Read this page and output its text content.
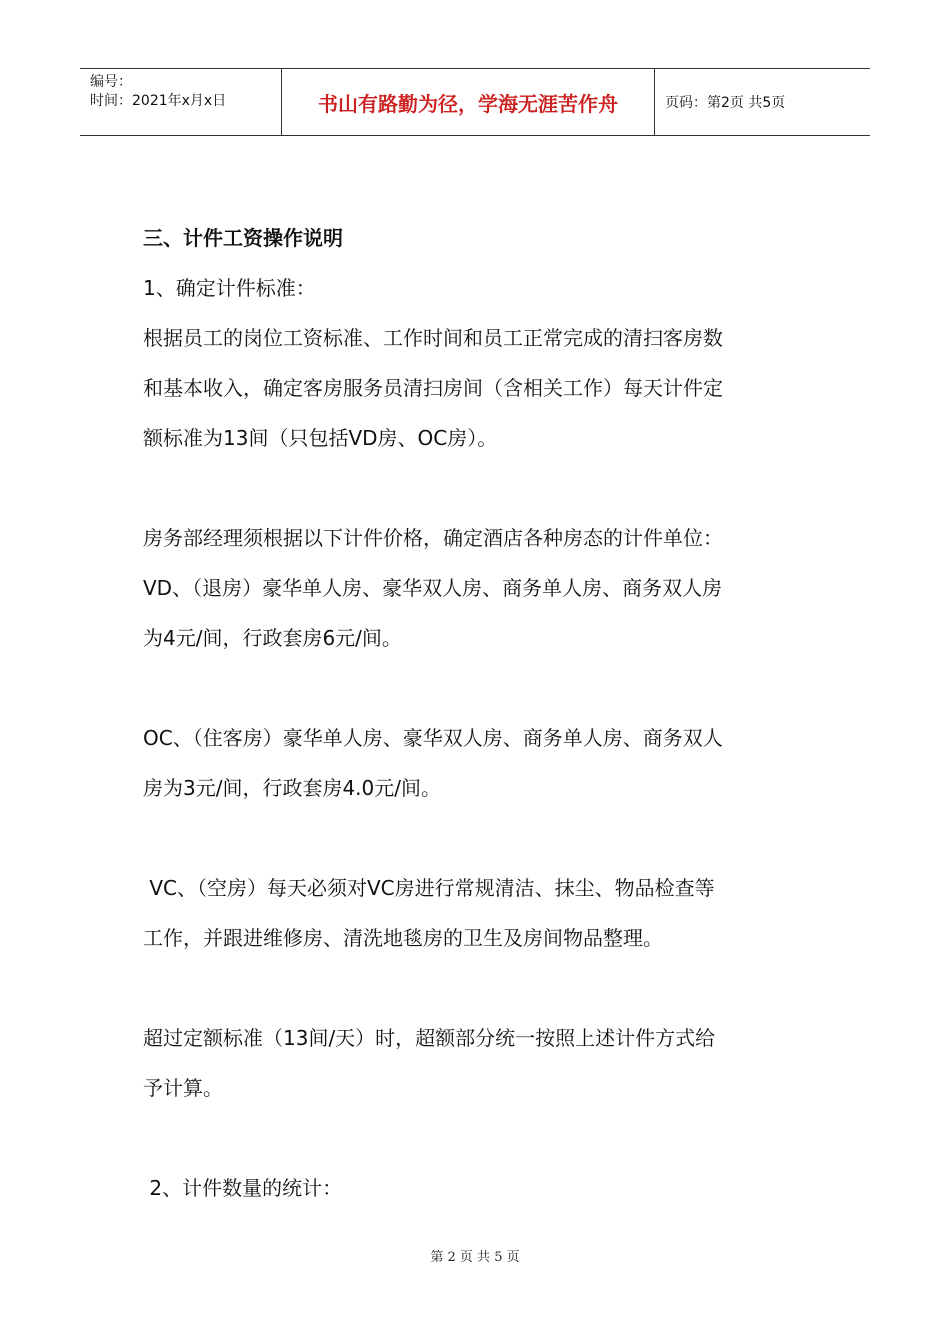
编号：
时间：2021年x月x日	书山有路勤为径，学海无涯苦作舟	页码：第2页 共5页
三、计件工资操作说明
1、确定计件标准：
根据员工的岗位工资标准、工作时间和员工正常完成的清扫客房数
和基本收入，确定客房服务员清扫房间（含相关工作）每天计件定
额标准为13间（只包括VD房、OC房）。
房务部经理须根据以下计件价格，确定酒店各种房态的计件单位：
VD、（退房）豪华单人房、豪华双人房、商务单人房、商务双人房
为4元/间，行政套房6元/间。
OC、（住客房）豪华单人房、豪华双人房、商务单人房、商务双人
房为3元/间，行政套房4.0元/间。
VC、（空房）每天必须对VC房进行常规清洁、抹尘、物品检查等
工作，并跟进维修房、清洗地毯房的卫生及房间物品整理。
超过定额标准（13间/天）时，超额部分统一按照上述计件方式给
予计算。
2、计件数量的统计：
第 2 页 共 5 页
